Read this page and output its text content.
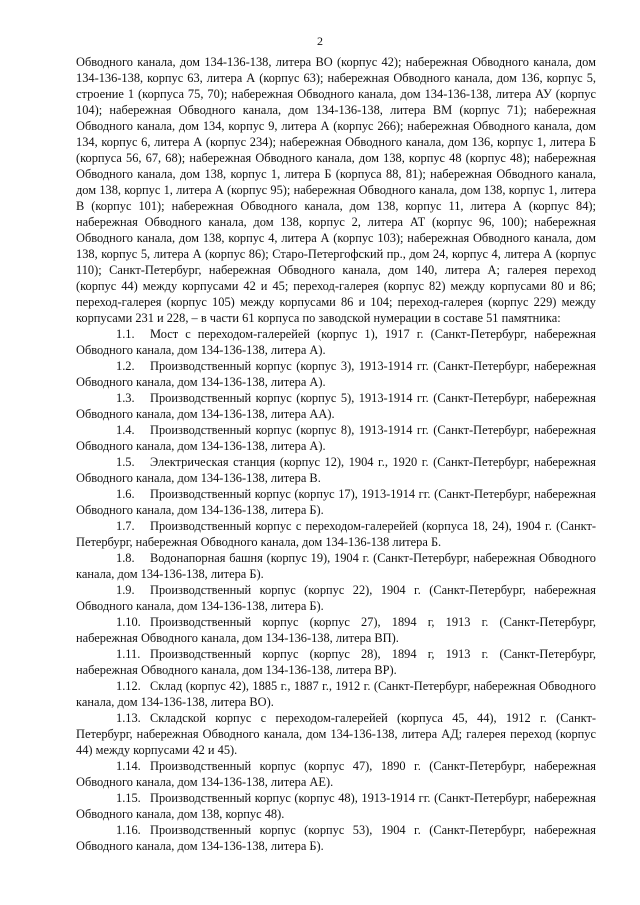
2

Обводного канала, дом 134-136-138, литера ВО (корпус 42); набережная Обводного канала, дом 134-136-138, корпус 63, литера А (корпус 63); набережная Обводного канала, дом 136, корпус 5, строение 1 (корпуса 75, 70); набережная Обводного канала, дом 134-136-138, литера АУ (корпус 104); набережная Обводного канала, дом 134-136-138, литера ВМ (корпус 71); набережная Обводного канала, дом 134, корпус 9, литера А (корпус 266); набережная Обводного канала, дом 134, корпус 6, литера А (корпус 234); набережная Обводного канала, дом 136, корпус 1, литера Б (корпуса 56, 67, 68); набережная Обводного канала, дом 138, корпус 48 (корпус 48); набережная Обводного канала, дом 138, корпус 1, литера Б (корпуса 88, 81); набережная Обводного канала, дом 138, корпус 1, литера А (корпус 95); набережная Обводного канала, дом 138, корпус 1, литера В (корпус 101); набережная Обводного канала, дом 138, корпус 11, литера А (корпус 84); набережная Обводного канала, дом 138, корпус 2, литера АТ (корпус 96, 100); набережная Обводного канала, дом 138, корпус 4, литера А (корпус 103); набережная Обводного канала, дом 138, корпус 5, литера А (корпус 86); Старо-Петергофский пр., дом 24, корпус 4, литера А (корпус 110); Санкт-Петербург, набережная Обводного канала, дом 140, литера А; галерея переход (корпус 44) между корпусами 42 и 45; переход-галерея (корпус 82) между корпусами 80 и 86; переход-галерея (корпус 105) между корпусами 86 и 104; переход-галерея (корпус 229) между корпусами 231 и 228, – в части 61 корпуса по заводской нумерации в составе 51 памятника:

1.1. Мост с переходом-галерейей (корпус 1), 1917 г. (Санкт-Петербург, набережная Обводного канала, дом 134-136-138, литера А).

1.2. Производственный корпус (корпус 3), 1913-1914 гг. (Санкт-Петербург, набережная Обводного канала, дом 134-136-138, литера А).

1.3. Производственный корпус (корпус 5), 1913-1914 гг. (Санкт-Петербург, набережная Обводного канала, дом 134-136-138, литера АА).

1.4. Производственный корпус (корпус 8), 1913-1914 гг. (Санкт-Петербург, набережная Обводного канала, дом 134-136-138, литера А).

1.5. Электрическая станция (корпус 12), 1904 г., 1920 г. (Санкт-Петербург, набережная Обводного канала, дом 134-136-138, литера В.

1.6. Производственный корпус (корпус 17), 1913-1914 гг. (Санкт-Петербург, набережная Обводного канала, дом 134-136-138, литера Б).

1.7. Производственный корпус с переходом-галерейей (корпуса 18, 24), 1904 г. (Санкт-Петербург, набережная Обводного канала, дом 134-136-138 литера Б.

1.8. Водонапорная башня (корпус 19), 1904 г. (Санкт-Петербург, набережная Обводного канала, дом 134-136-138, литера Б).

1.9. Производственный корпус (корпус 22), 1904 г. (Санкт-Петербург, набережная Обводного канала, дом 134-136-138, литера Б).

1.10. Производственный корпус (корпус 27), 1894 г, 1913 г. (Санкт-Петербург, набережная Обводного канала, дом 134-136-138, литера ВП).

1.11. Производственный корпус (корпус 28), 1894 г, 1913 г. (Санкт-Петербург, набережная Обводного канала, дом 134-136-138, литера ВР).

1.12. Склад (корпус 42), 1885 г., 1887 г., 1912 г. (Санкт-Петербург, набережная Обводного канала, дом 134-136-138, литера ВО).

1.13. Складской корпус с переходом-галерейей (корпуса 45, 44), 1912 г. (Санкт-Петербург, набережная Обводного канала, дом 134-136-138, литера АД; галерея переход (корпус 44) между корпусами 42 и 45).

1.14. Производственный корпус (корпус 47), 1890 г. (Санкт-Петербург, набережная Обводного канала, дом 134-136-138, литера АЕ).

1.15. Производственный корпус (корпус 48), 1913-1914 гг. (Санкт-Петербург, набережная Обводного канала, дом 138, корпус 48).

1.16. Производственный корпус (корпус 53), 1904 г. (Санкт-Петербург, набережная Обводного канала, дом 134-136-138, литера Б).
